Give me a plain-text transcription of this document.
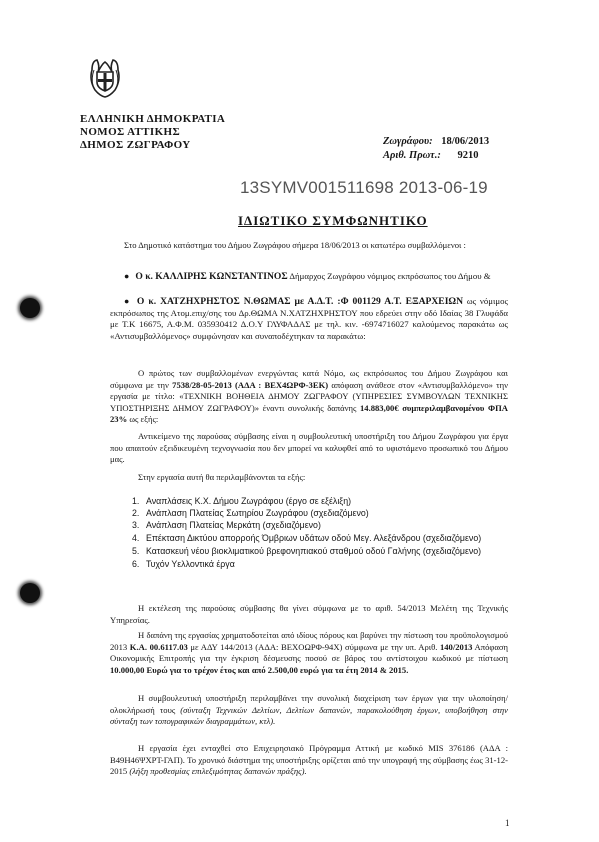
ΕΛΛΗΝΙΚΗ ΔΗΜΟΚΡΑΤΙΑ
ΝΟΜΟΣ ΑΤΤΙΚΗΣ
ΔΗΜΟΣ ΖΩΓΡΑΦΟΥ	Ζωγράφου: 18/06/2013
Αριθ. Πρωτ.: 9210
13SYMV001511698 2013-06-19
ΙΔΙΩΤΙΚΟ ΣΥΜΦΩΝΗΤΙΚΟ
Στο Δημοτικό κατάστημα του Δήμου Ζωγράφου σήμερα 18/06/2013 οι κατωτέρω συμβαλλόμενοι :
● Ο κ. ΚΑΛΛΙΡΗΣ ΚΩΝΣΤΑΝΤΙΝΟΣ Δήμαρχος Ζωγράφου νόμιμος εκπρόσωπος του Δήμου &
● Ο κ. ΧΑΤΖΗΧΡΗΣΤΟΣ Ν.ΘΩΜΑΣ με Α.Δ.Τ. :Φ 001129 Α.Τ. ΕΞΑΡΧΕΙΩΝ ως νόμιμος εκπρόσωπος της Ατομ.επιχ/σης του Δρ.ΘΩΜΑ Ν.ΧΑΤΖΗΧΡΗΣΤΟΥ που εδρεύει στην οδό Ιδαίας 38 Γλυφάδα με Τ.Κ 16675, Α.Φ.Μ. 035930412 Δ.Ο.Υ ΓΛΥΦΑΔΑΣ με τηλ. κιν. -6974716027 καλούμενος παρακάτω ως «Αντισυμβαλλόμενος» συμφώνησαν και συναποδέχτηκαν τα παρακάτω:
Ο πρώτος των συμβαλλομένων ενεργώντας κατά Νόμο, ως εκπρόσωπος του Δήμου Ζωγράφου και σύμφωνα με την 7538/28-05-2013 (ΑΔΑ : ΒΕΧ4ΩΡΦ-3ΕΚ) απόφαση ανάθεσε στον «Αντισυμβαλλόμενο» την εργασία με τίτλο: «ΤΕΧΝΙΚΗ ΒΟΗΘΕΙΑ ΔΗΜΟΥ ΖΩΓΡΑΦΟΥ (ΥΠΗΡΕΣΙΕΣ ΣΥΜΒΟΥΛΩΝ ΤΕΧΝΙΚΗΣ ΥΠΟΣΤΗΡΙΞΗΣ ΔΗΜΟΥ ΖΩΓΡΑΦΟΥ)» έναντι συνολικής δαπάνης 14.883,00€ συμπεριλαμβανομένου ΦΠΑ 23% ως εξής:
Αντικείμενο της παρούσας σύμβασης είναι η συμβουλευτική υποστήριξη του Δήμου Ζωγράφου για έργα που απαιτούν εξειδικευμένη τεχνογνωσία που δεν μπορεί να καλυφθεί από το υφιστάμενο προσωπικό του Δήμου μας.
Στην εργασία αυτή θα περιλαμβάνονται τα εξής:
1. Αναπλάσεις Κ.Χ. Δήμου Ζωγράφου (έργο σε εξέλιξη)
2. Ανάπλαση Πλατείας Σωτηρίου Ζωγράφου (σχεδιαζόμενο)
3. Ανάπλαση Πλατείας Μερκάτη (σχεδιαζόμενο)
4. Επέκταση Δικτύου απορροής Όμβριων υδάτων οδού Μεγ. Αλεξάνδρου (σχεδιαζόμενο)
5. Κατασκευή νέου βιοκλιματικού βρεφονηπιακού σταθμού οδού Γαλήνης (σχεδιαζόμενο)
6. Τυχόν Υελλοντικά έργα
Η εκτέλεση της παρούσας σύμβασης θα γίνει σύμφωνα με το αριθ. 54/2013 Μελέτη της Τεχνικής Υπηρεσίας.
Η δαπάνη της εργασίας χρηματοδοτείται από ιδίους πόρους και βαρύνει την πίστωση του προϋπολογισμού 2013 Κ.Α. 00.6117.03 με ΑΔΥ 144/2013 (ΑΔΑ: ΒΕΧΟΩΡΦ-94Χ) σύμφωνα με την υπ. Αριθ. 140/2013 Απόφαση Οικονομικής Επιτροπής για την έγκριση δέσμευσης ποσού σε βάρος του αντίστοιχου κωδικού με πίστωση 10.000,00 Ευρώ για το τρέχον έτος και από 2.500,00 ευρώ για τα έτη 2014 & 2015.
Η συμβουλευτική υποστήριξη περιλαμβάνει την συνολική διαχείριση των έργων για την υλοποίηση/ολοκλήρωσή τους (σύνταξη Τεχνικών Δελτίων, Δελτίων δαπανών, παρακολούθηση έργων, υποβοήθηση στην σύνταξη των τοπογραφικών διαγραμμάτων, κτλ).
Η εργασία έχει ενταχθεί στο Επιχειρησιακό Πρόγραμμα Αττική με κωδικό MIS 376186 (ΑΔΑ : Β49Η46ΨΧΡΤ-ΓΑΠ). Το χρονικό διάστημα της υποστήριξης ορίζεται από την υπογραφή της σύμβασης έως 31-12-2015 (λήξη προθεσμίας επιλεξιμότητας δαπανών πράξης).
1
